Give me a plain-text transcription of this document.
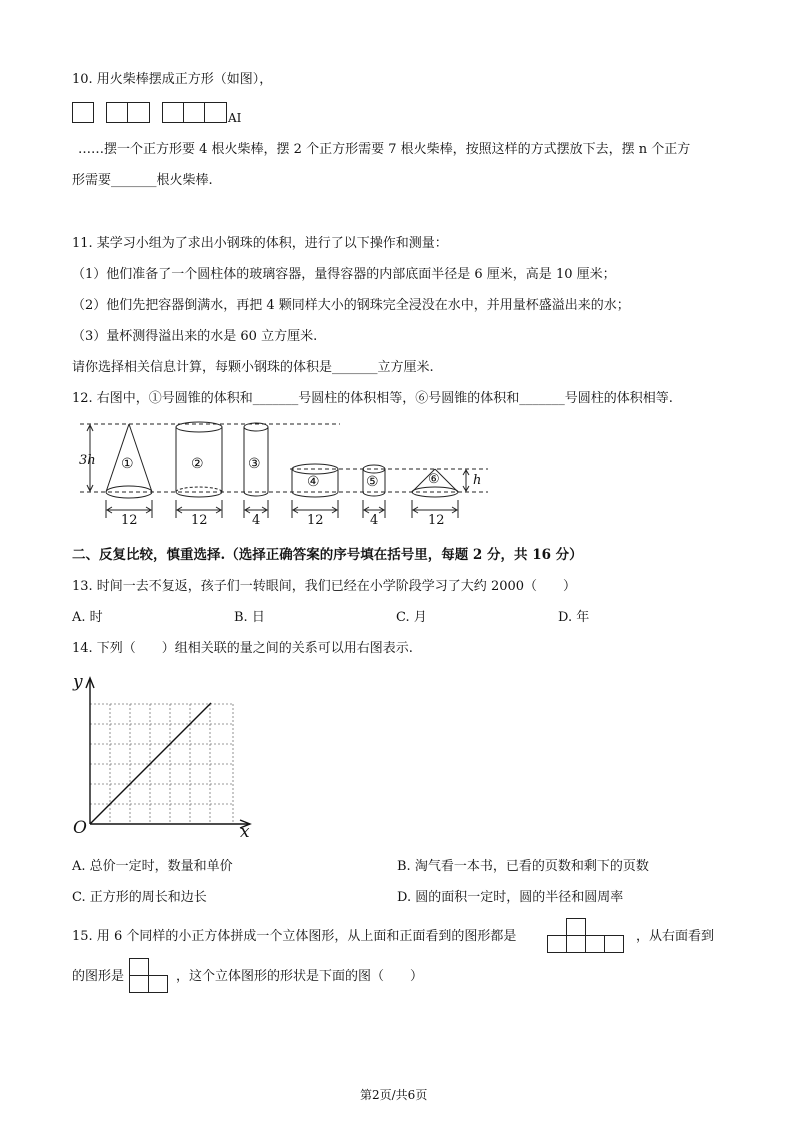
10. 用火柴棒摆成正方形（如图），
AI
……摆一个正方形要 4 根火柴棒，摆 2 个正方形需要 7 根火柴棒，按照这样的方式摆放下去，摆 n 个正方
形需要_______根火柴棒.
11. 某学习小组为了求出小钢珠的体积，进行了以下操作和测量：
（1）他们准备了一个圆柱体的玻璃容器，量得容器的内部底面半径是 6 厘米，高是 10 厘米；
（2）他们先把容器倒满水，再把 4 颗同样大小的钢珠完全浸没在水中，并用量杯盛溢出来的水；
（3）量杯测得溢出来的水是 60 立方厘米.
请你选择相关信息计算，每颗小钢珠的体积是_______立方厘米.
12. 右图中，①号圆锥的体积和_______号圆柱的体积相等，⑥号圆锥的体积和_______号圆柱的体积相等.
3h
h
①	②	③
④	⑤	⑥
12	12	4	12	4	12
二、反复比较，慎重选择.（选择正确答案的序号填在括号里，每题 2 分，共 16 分）
13. 时间一去不复返，孩子们一转眼间，我们已经在小学阶段学习了大约 2000（　　）
A. 时	B. 日	C. 月	D. 年
14. 下列（　　）组相关联的量之间的关系可以用右图表示.
y
x
O
A. 总价一定时，数量和单价	B. 淘气看一本书，已看的页数和剩下的页数
C. 正方形的周长和边长	D. 圆的面积一定时，圆的半径和圆周率
15. 用 6 个同样的小正方体拼成一个立体图形，从上面和正面看到的图形都是	，从右面看到
的图形是	，这个立体图形的形状是下面的图（　　）
第2页/共6页
